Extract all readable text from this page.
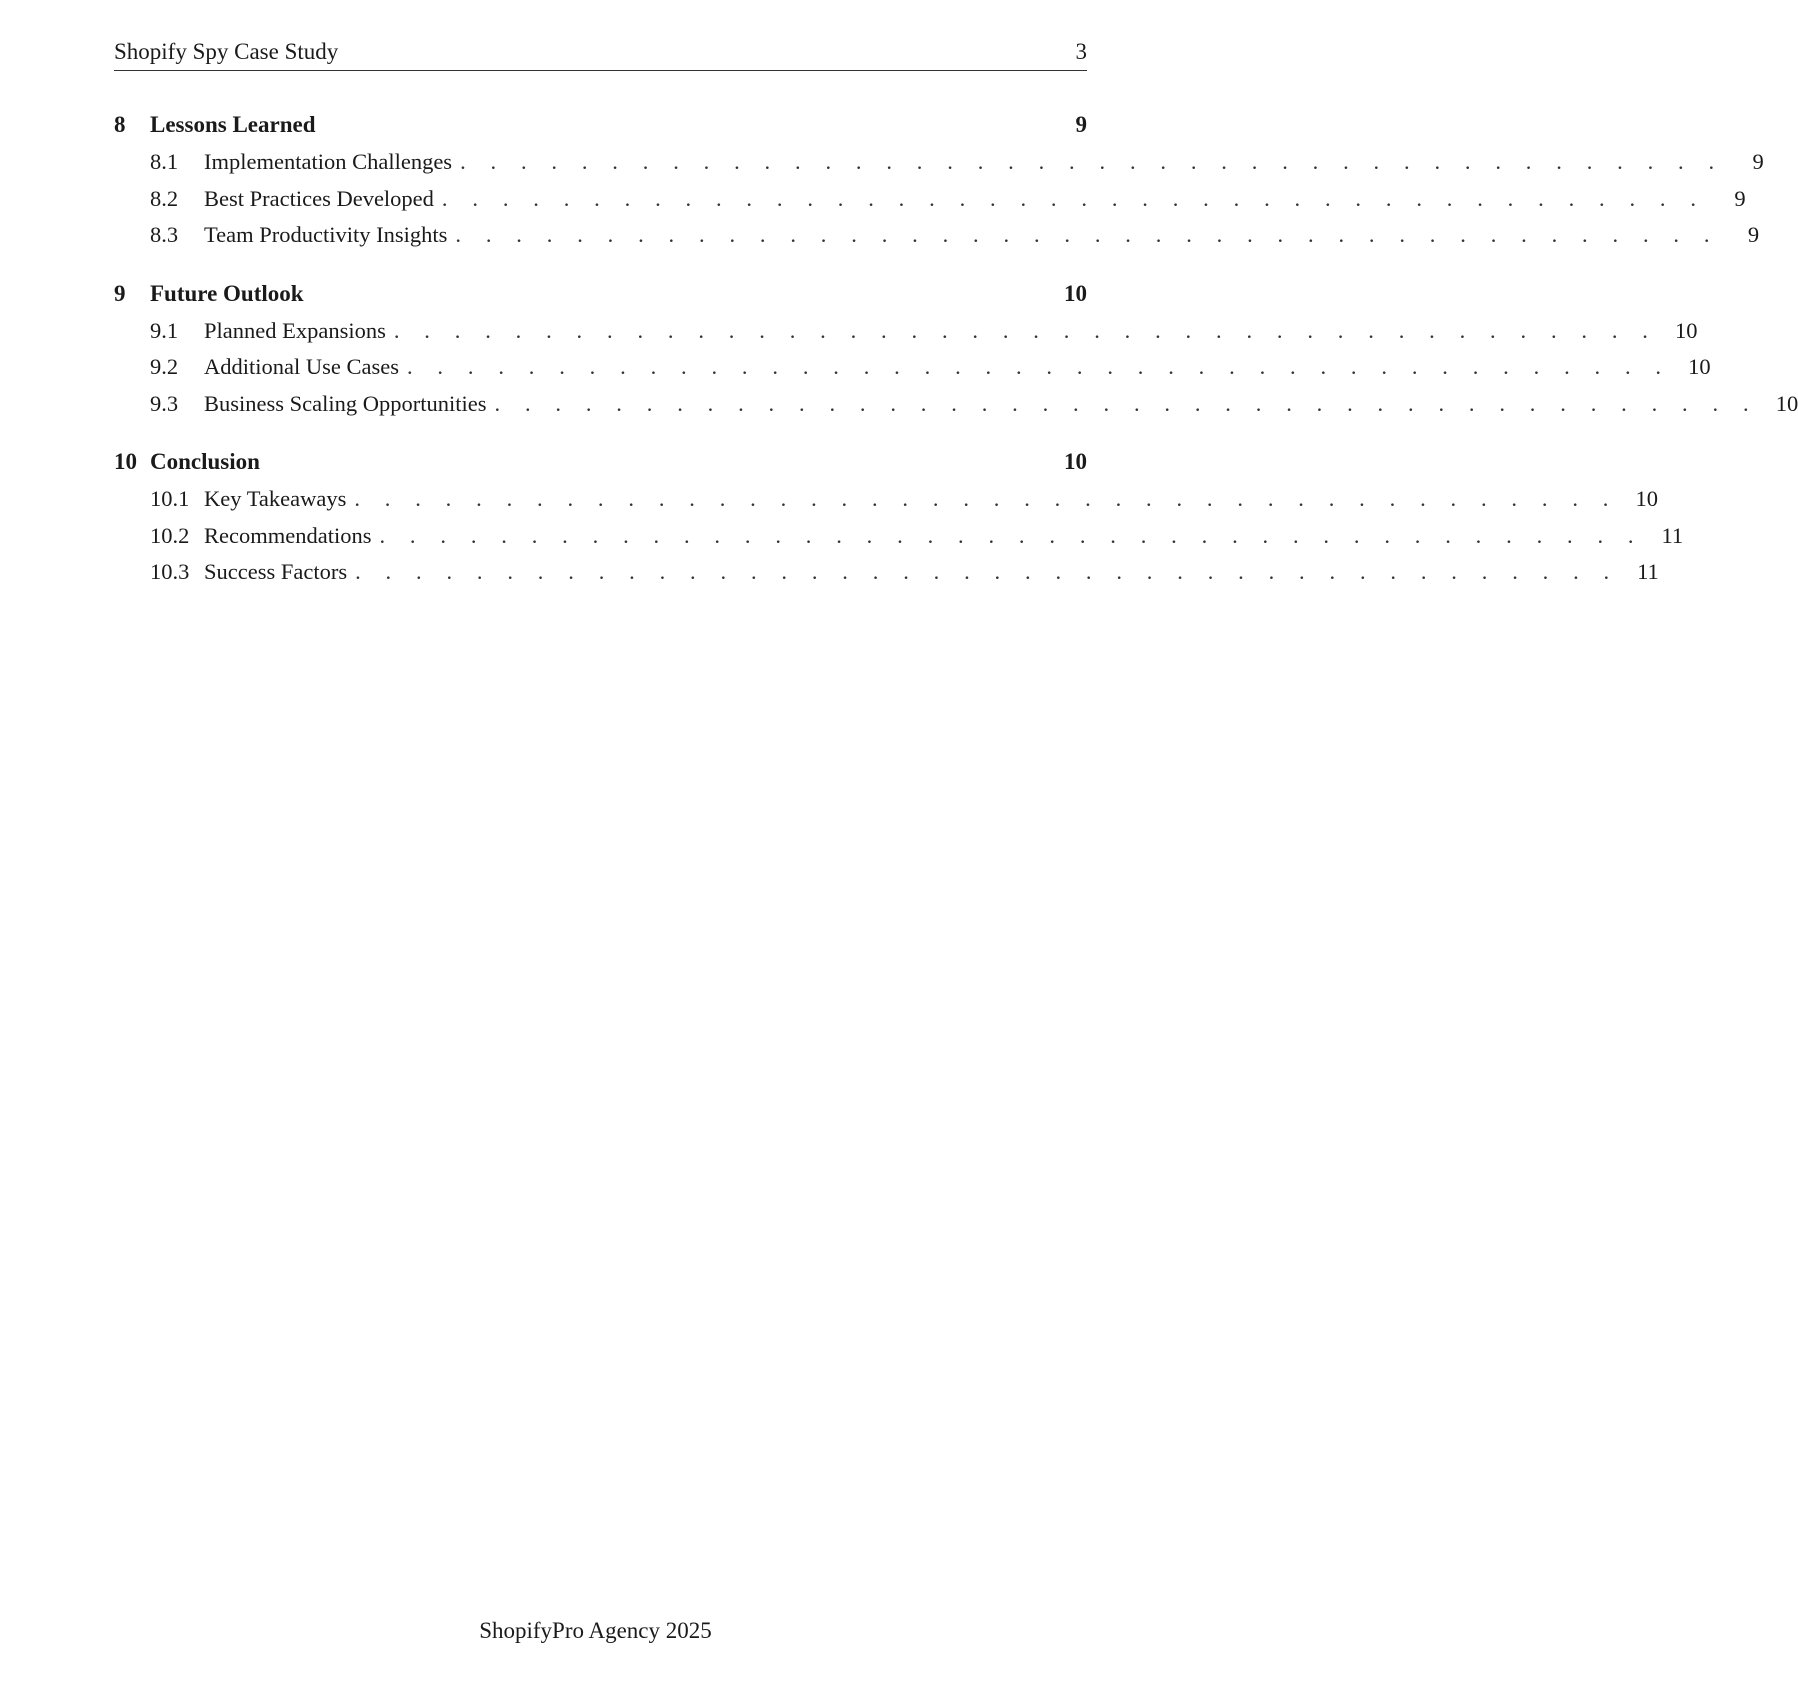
Shopify Spy Case Study	3
8	Lessons Learned	9
8.1	Implementation Challenges . . . . . . . . . . . . . . . . . . . . . . . . . . . . . . . . . . . . . . . . . .	9
8.2	Best Practices Developed . . . . . . . . . . . . . . . . . . . . . . . . . . . . . . . . . . . . . . . . . .	9
8.3	Team Productivity Insights . . . . . . . . . . . . . . . . . . . . . . . . . . . . . . . . . . . . . . . . . .	9
9	Future Outlook	10
9.1	Planned Expansions . . . . . . . . . . . . . . . . . . . . . . . . . . . . . . . . . . . . . . . . . . 10
9.2	Additional Use Cases . . . . . . . . . . . . . . . . . . . . . . . . . . . . . . . . . . . . . . . . . . 10
9.3	Business Scaling Opportunities . . . . . . . . . . . . . . . . . . . . . . . . . . . . . . . . . . . . . . . . . . 10
10 Conclusion	10
10.1 Key Takeaways . . . . . . . . . . . . . . . . . . . . . . . . . . . . . . . . . . . . . . . . . . 10
10.2 Recommendations . . . . . . . . . . . . . . . . . . . . . . . . . . . . . . . . . . . . . . . . . . 11
10.3 Success Factors . . . . . . . . . . . . . . . . . . . . . . . . . . . . . . . . . . . . . . . . . . 11
ShopifyPro Agency 2025
